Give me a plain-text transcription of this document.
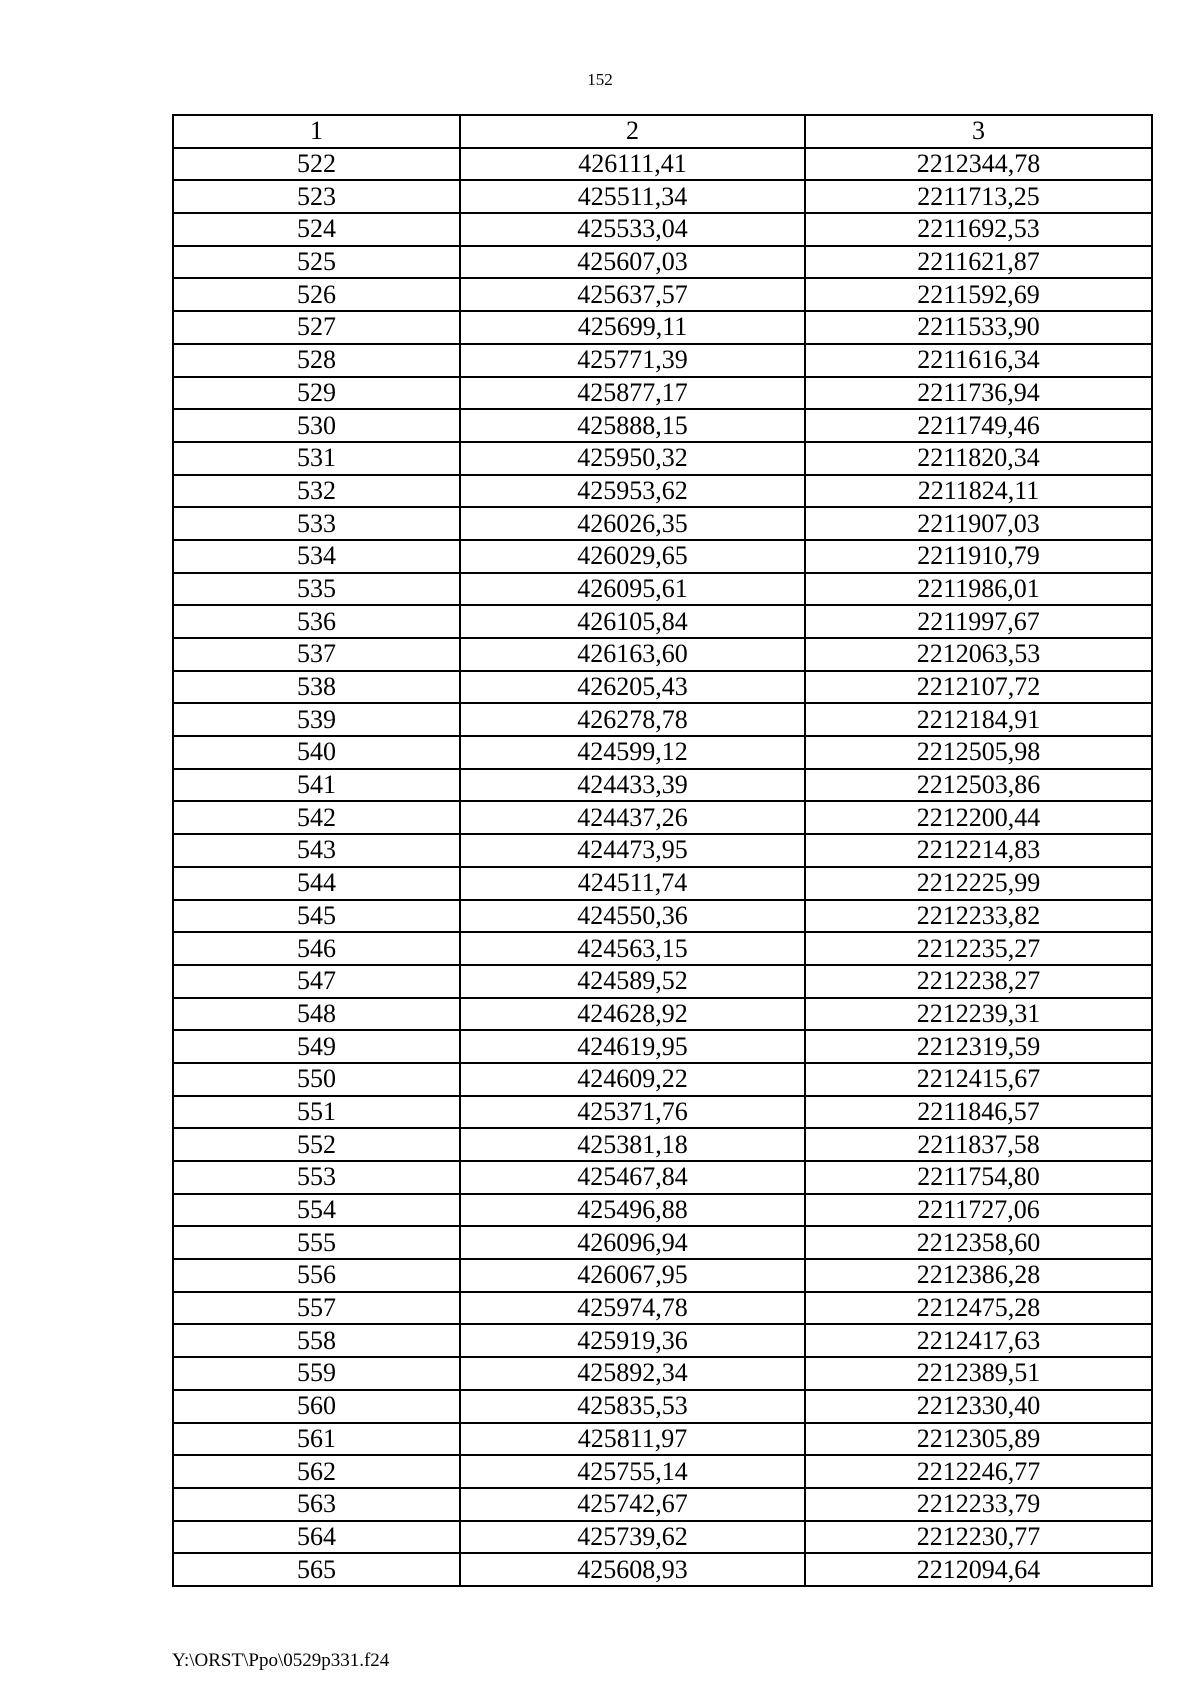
152
1	2	3
522	426111,41	2212344,78
523	425511,34	2211713,25
524	425533,04	2211692,53
525	425607,03	2211621,87
526	425637,57	2211592,69
527	425699,11	2211533,90
528	425771,39	2211616,34
529	425877,17	2211736,94
530	425888,15	2211749,46
531	425950,32	2211820,34
532	425953,62	2211824,11
533	426026,35	2211907,03
534	426029,65	2211910,79
535	426095,61	2211986,01
536	426105,84	2211997,67
537	426163,60	2212063,53
538	426205,43	2212107,72
539	426278,78	2212184,91
540	424599,12	2212505,98
541	424433,39	2212503,86
542	424437,26	2212200,44
543	424473,95	2212214,83
544	424511,74	2212225,99
545	424550,36	2212233,82
546	424563,15	2212235,27
547	424589,52	2212238,27
548	424628,92	2212239,31
549	424619,95	2212319,59
550	424609,22	2212415,67
551	425371,76	2211846,57
552	425381,18	2211837,58
553	425467,84	2211754,80
554	425496,88	2211727,06
555	426096,94	2212358,60
556	426067,95	2212386,28
557	425974,78	2212475,28
558	425919,36	2212417,63
559	425892,34	2212389,51
560	425835,53	2212330,40
561	425811,97	2212305,89
562	425755,14	2212246,77
563	425742,67	2212233,79
564	425739,62	2212230,77
565	425608,93	2212094,64
Y:\ORST\Ppo\0529p331.f24
